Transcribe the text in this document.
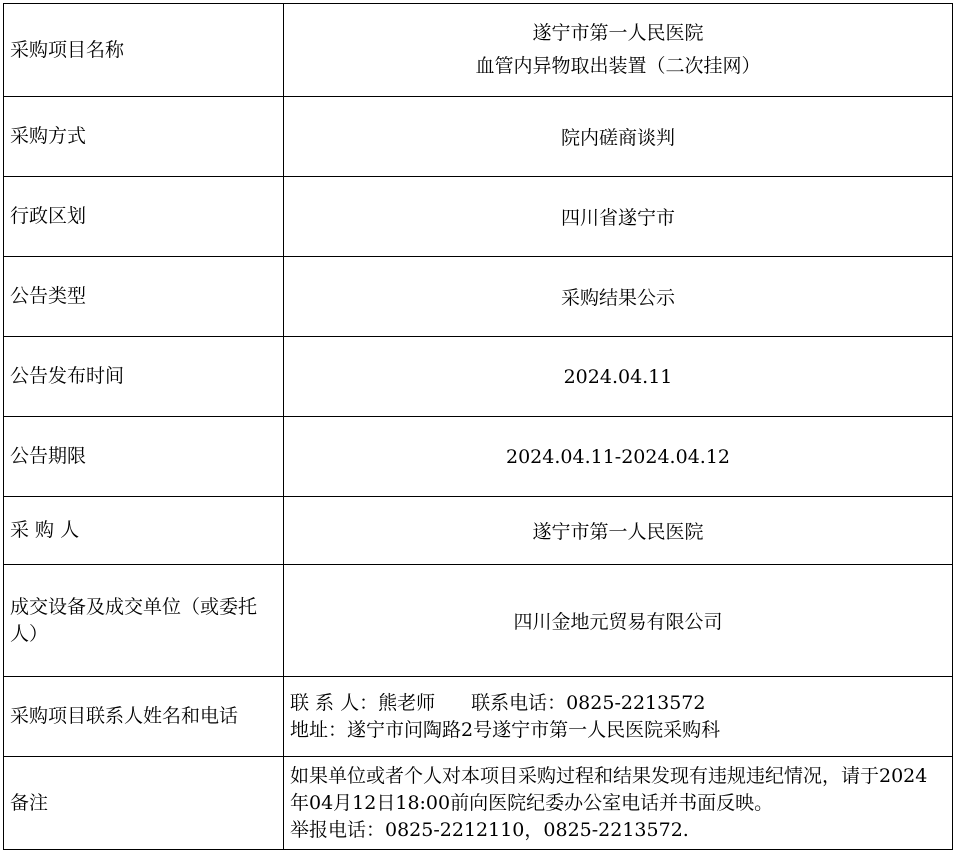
采购项目名称	遂宁市第一人民医院
血管内异物取出装置（二次挂网）

采购方式	院内磋商谈判
行政区划	四川省遂宁市
公告类型	采购结果公示
公告发布时间	2024.04.11
公告期限	2024.04.11-2024.04.12
采 购 人	遂宁市第一人民医院
成交设备及成交单位（或委托人）	四川金地元贸易有限公司
采购项目联系人姓名和电话	联 系 人：熊老师 联系电话：0825-2213572
地址：遂宁市问陶路2号遂宁市第一人民医院采购科

备注	如果单位或者个人对本项目采购过程和结果发现有违规违纪情况，请于2024年04月12日18:00前向医院纪委办公室电话并书面反映。
举报电话：0825-2212110，0825-2213572.
